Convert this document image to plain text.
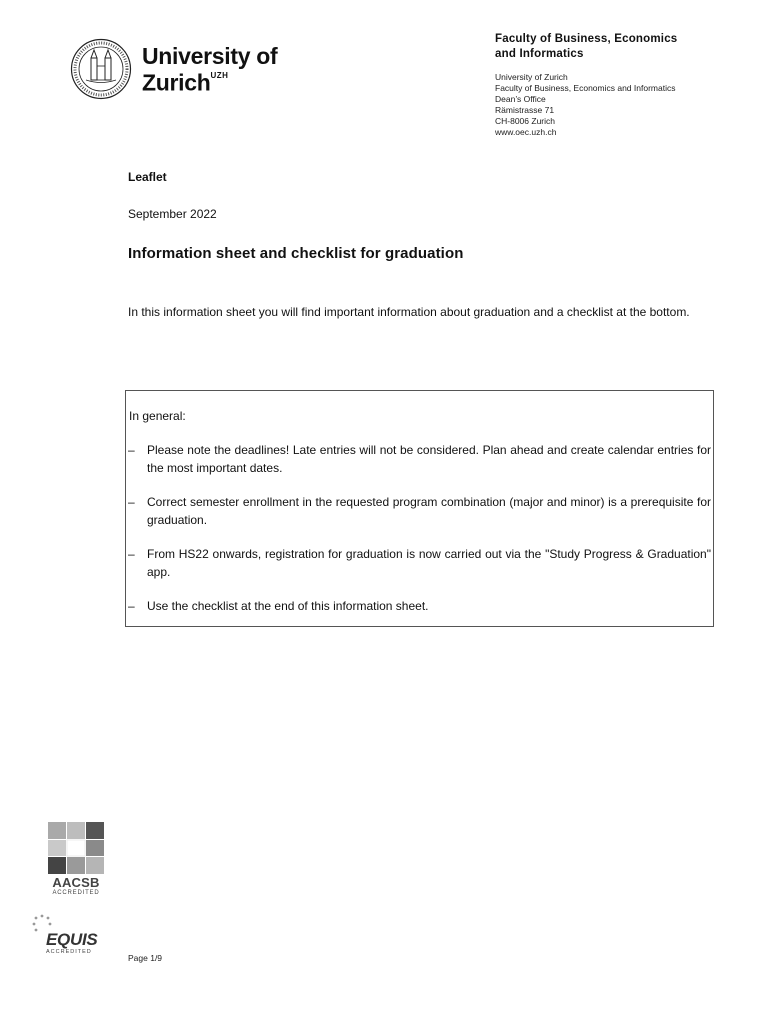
University of
Zurich$^{UZH}$
Faculty of Business, Economics
and Informatics
University of Zurich
Faculty of Business, Economics and Informatics
Dean’s Office
Rämistrasse 71
CH-8006 Zurich
www.oec.uzh.ch
Leaflet
September 2022
Information sheet and checklist for graduation
In this information sheet you will find important information about graduation and a checklist at the bottom.
In general:
– Please note the deadlines! Late entries will not be considered. Plan ahead and create calendar entries for the most important dates.
– Correct semester enrollment in the requested program combination (major and minor) is a prerequisite for graduation.
– From HS22 onwards, registration for graduation is now carried out via the "Study Progress & Graduation" app.
– Use the checklist at the end of this information sheet.
AACSB
ACCREDITED
EQUIS
ACCREDITED
Page 1/9
